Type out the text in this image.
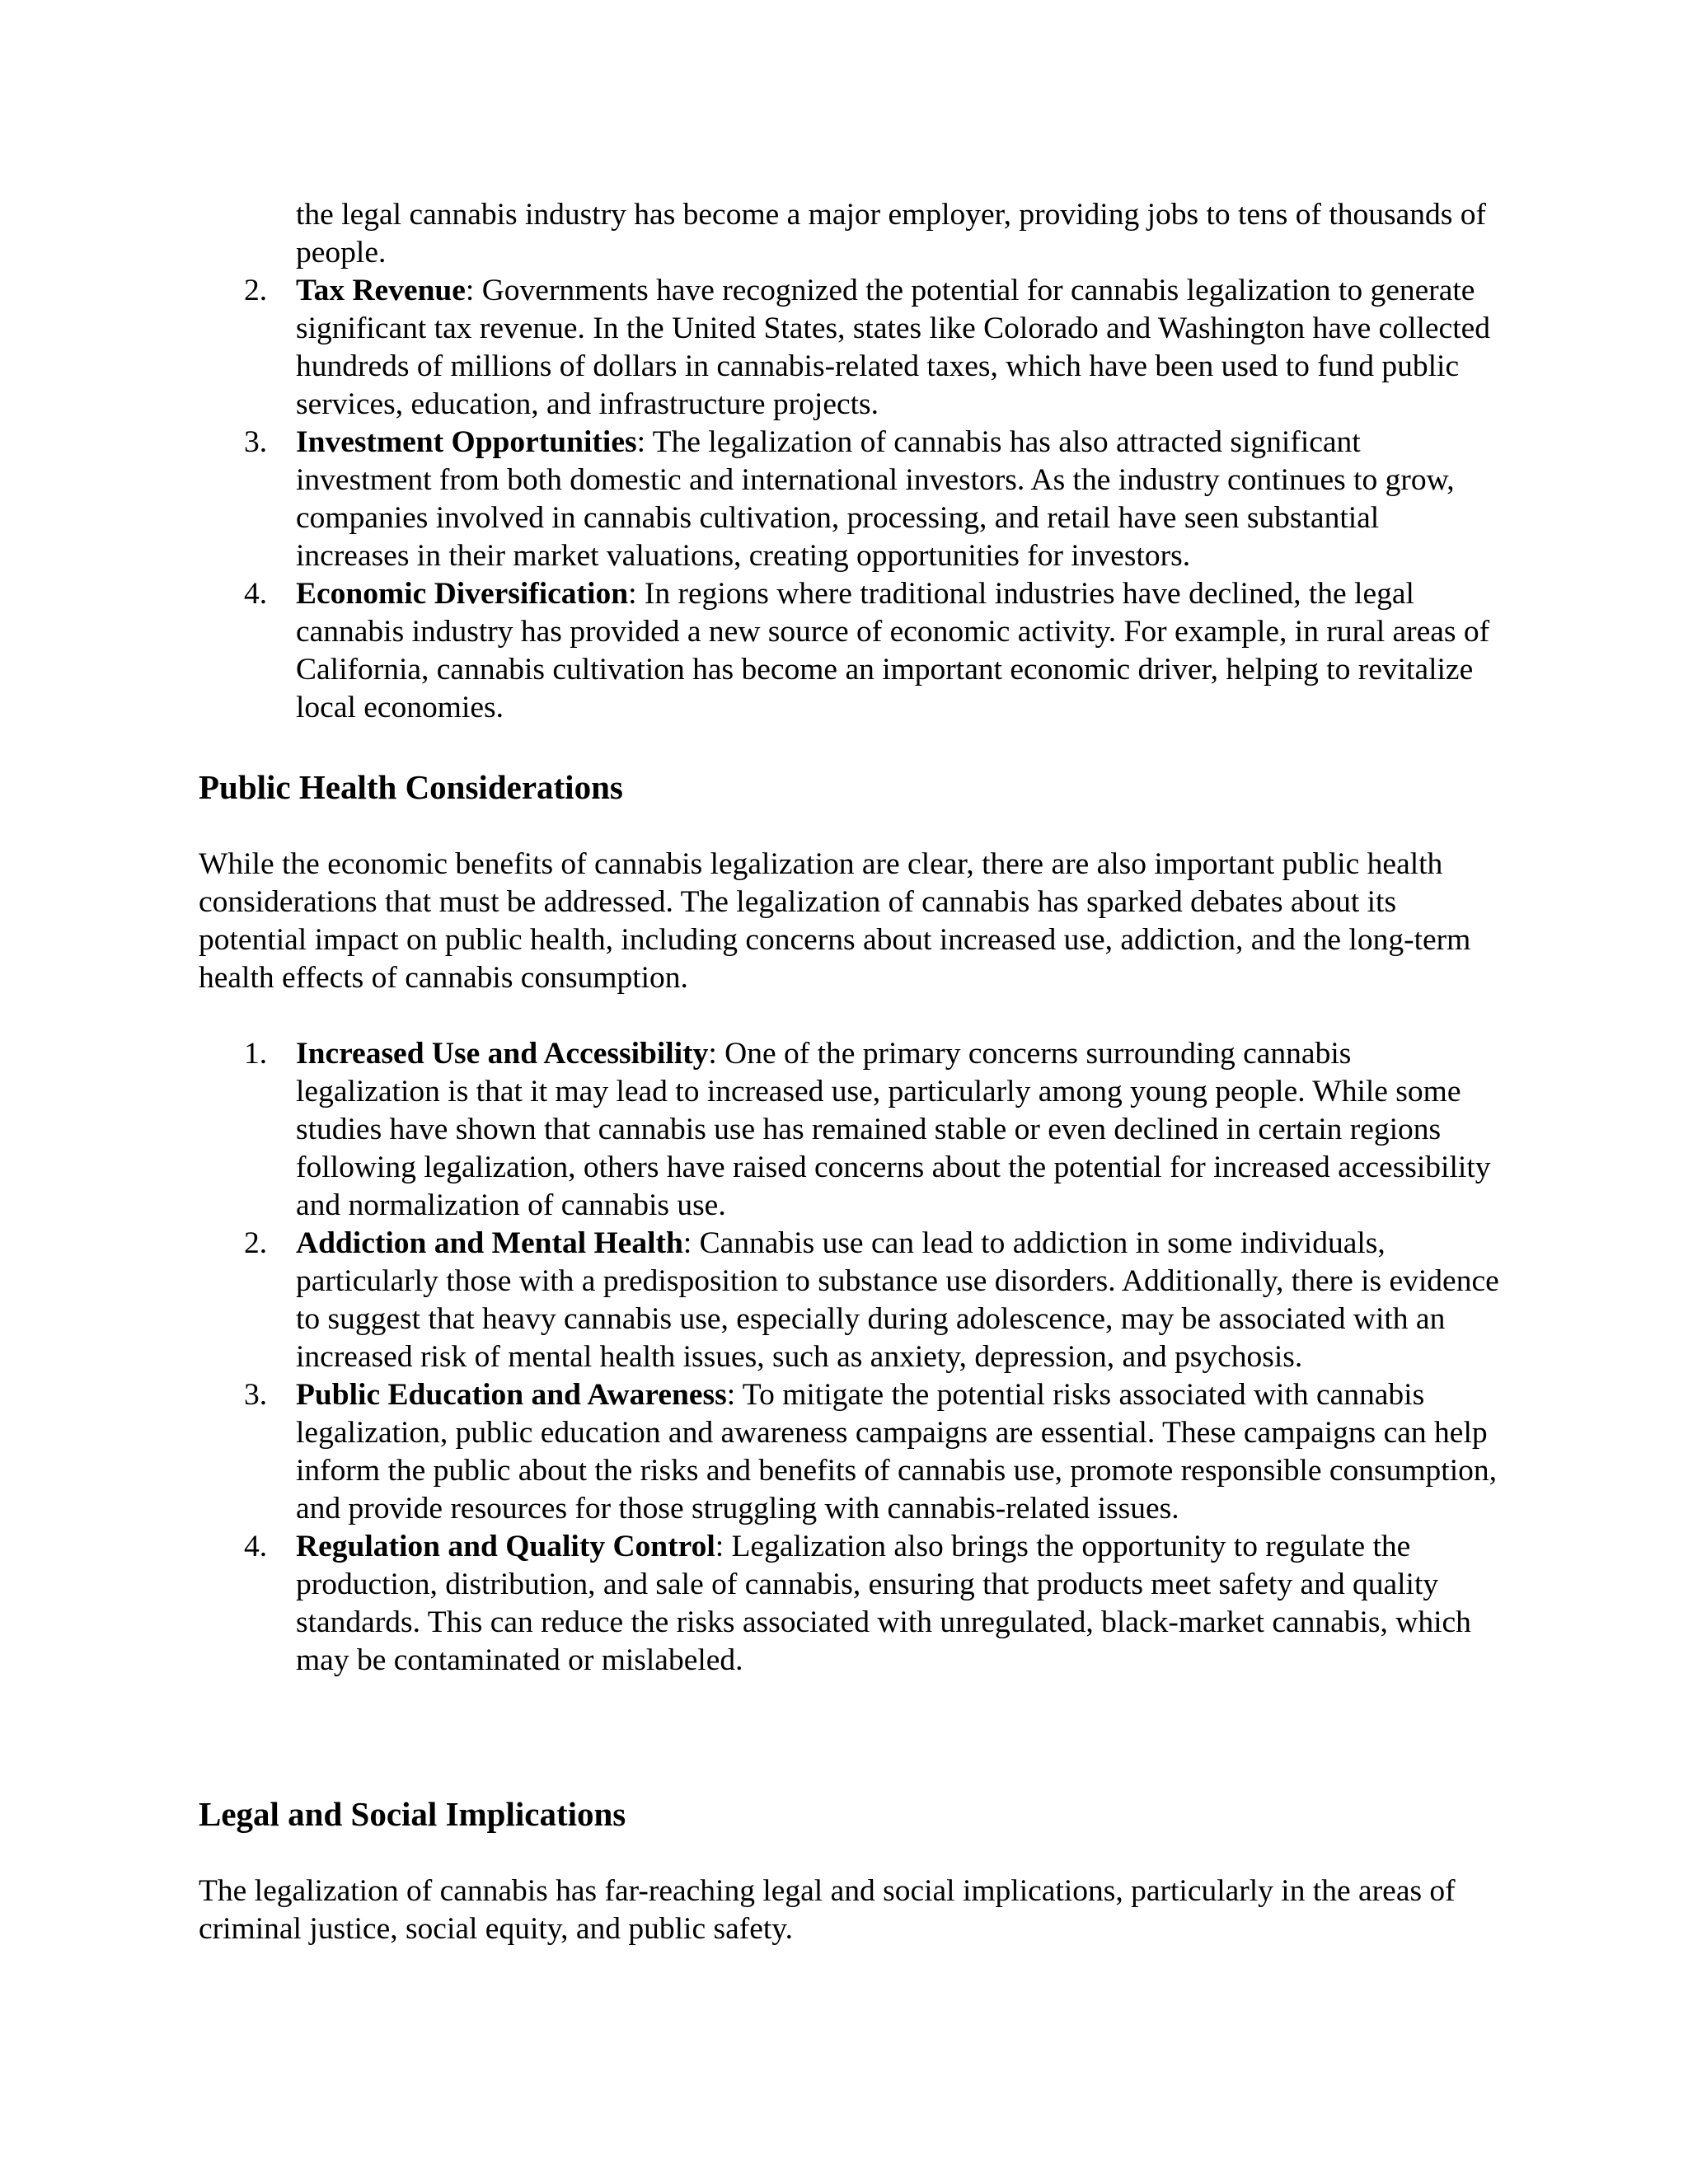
the legal cannabis industry has become a major employer, providing jobs to tens of thousands of people.

2. Tax Revenue: Governments have recognized the potential for cannabis legalization to generate significant tax revenue. In the United States, states like Colorado and Washington have collected hundreds of millions of dollars in cannabis-related taxes, which have been used to fund public services, education, and infrastructure projects.
3. Investment Opportunities: The legalization of cannabis has also attracted significant investment from both domestic and international investors. As the industry continues to grow, companies involved in cannabis cultivation, processing, and retail have seen substantial increases in their market valuations, creating opportunities for investors.
4. Economic Diversification: In regions where traditional industries have declined, the legal cannabis industry has provided a new source of economic activity. For example, in rural areas of California, cannabis cultivation has become an important economic driver, helping to revitalize local economies.
Public Health Considerations

While the economic benefits of cannabis legalization are clear, there are also important public health considerations that must be addressed. The legalization of cannabis has sparked debates about its potential impact on public health, including concerns about increased use, addiction, and the long-term health effects of cannabis consumption.

1. Increased Use and Accessibility: One of the primary concerns surrounding cannabis legalization is that it may lead to increased use, particularly among young people. While some studies have shown that cannabis use has remained stable or even declined in certain regions following legalization, others have raised concerns about the potential for increased accessibility and normalization of cannabis use.
2. Addiction and Mental Health: Cannabis use can lead to addiction in some individuals, particularly those with a predisposition to substance use disorders. Additionally, there is evidence to suggest that heavy cannabis use, especially during adolescence, may be associated with an increased risk of mental health issues, such as anxiety, depression, and psychosis.
3. Public Education and Awareness: To mitigate the potential risks associated with cannabis legalization, public education and awareness campaigns are essential. These campaigns can help inform the public about the risks and benefits of cannabis use, promote responsible consumption, and provide resources for those struggling with cannabis-related issues.
4. Regulation and Quality Control: Legalization also brings the opportunity to regulate the production, distribution, and sale of cannabis, ensuring that products meet safety and quality standards. This can reduce the risks associated with unregulated, black-market cannabis, which may be contaminated or mislabeled.
Legal and Social Implications

The legalization of cannabis has far-reaching legal and social implications, particularly in the areas of criminal justice, social equity, and public safety.
